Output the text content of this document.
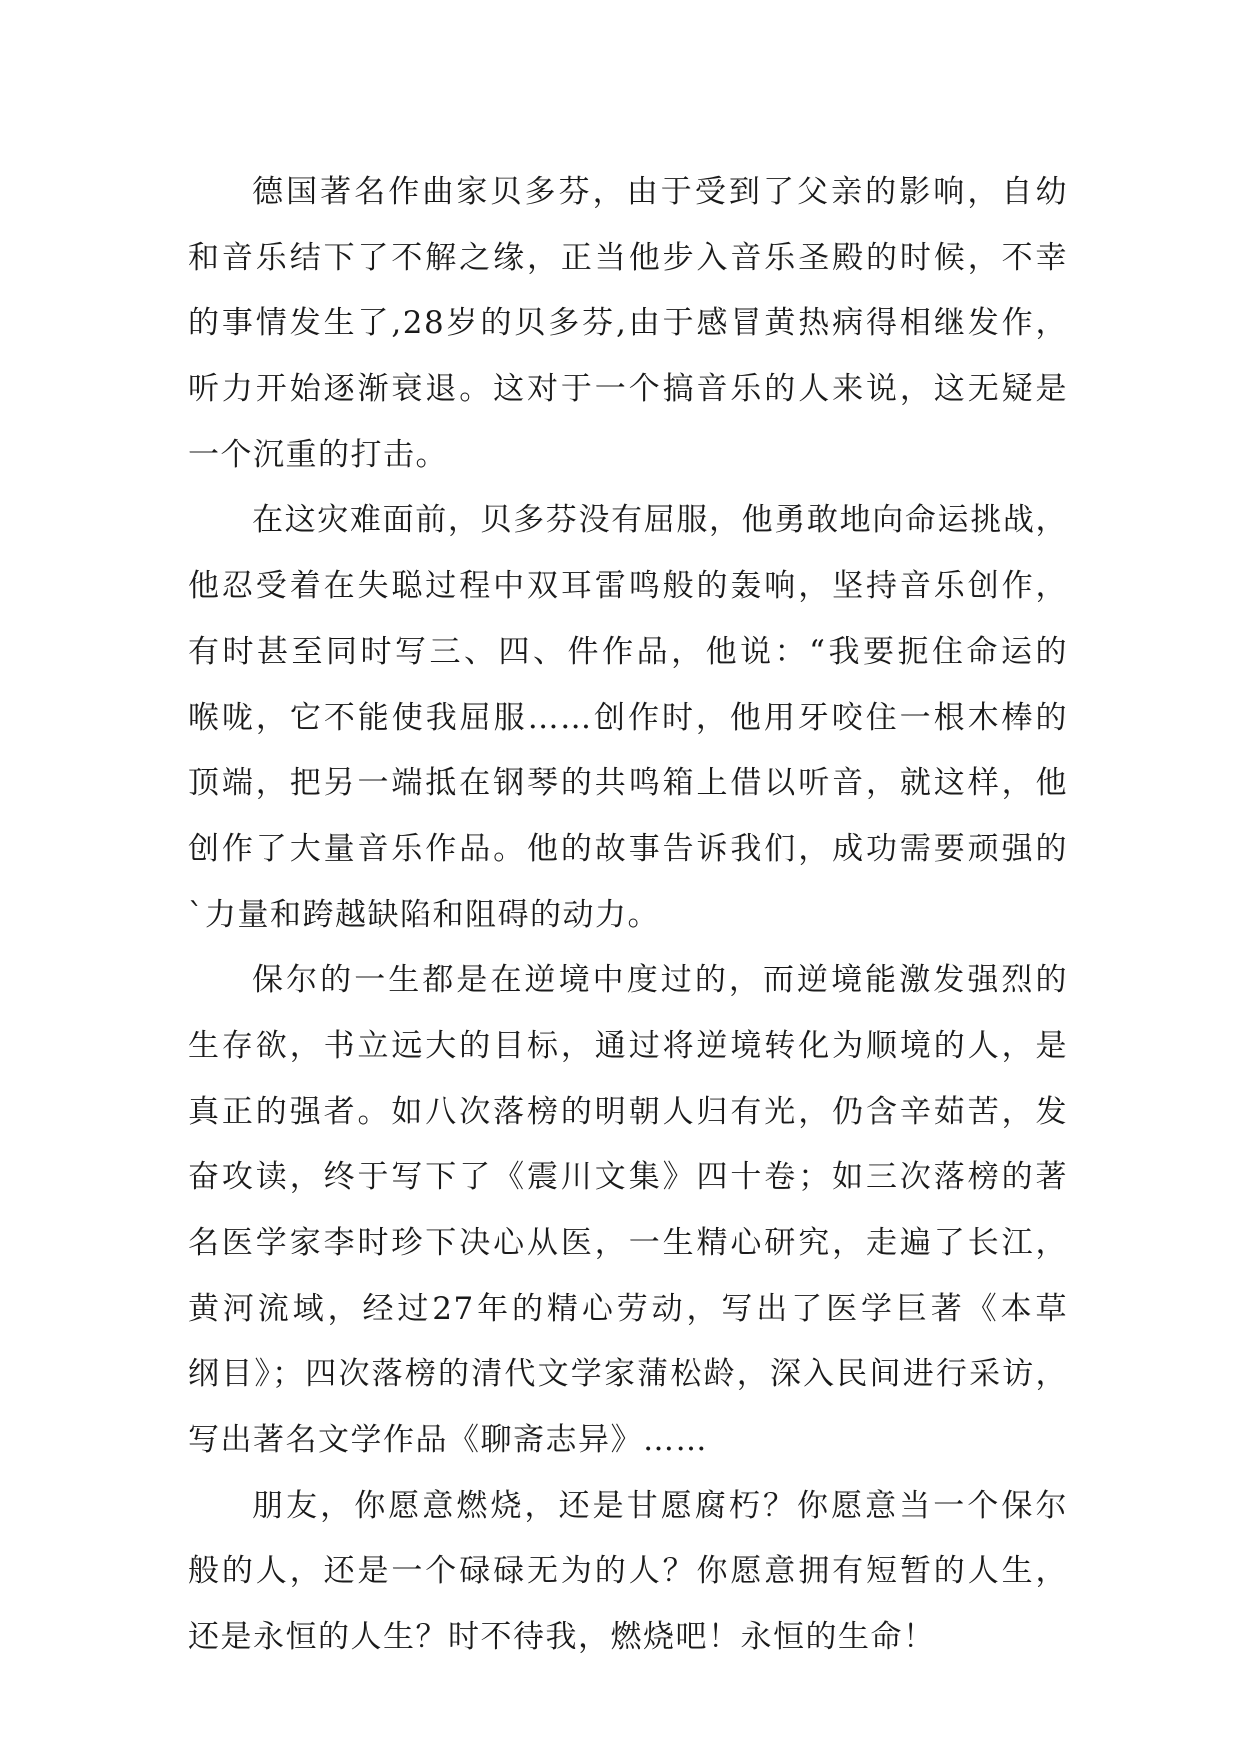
德国著名作曲家贝多芬，由于受到了父亲的影响，自幼
和音乐结下了不解之缘，正当他步入音乐圣殿的时候，不幸
的事情发生了,28岁的贝多芬,由于感冒黄热病得相继发作，
听力开始逐渐衰退。这对于一个搞音乐的人来说，这无疑是
一个沉重的打击。
在这灾难面前，贝多芬没有屈服，他勇敢地向命运挑战，
他忍受着在失聪过程中双耳雷鸣般的轰响，坚持音乐创作，
有时甚至同时写三、四、件作品，他说：“我要扼住命运的
喉咙，它不能使我屈服……创作时，他用牙咬住一根木棒的
顶端，把另一端抵在钢琴的共鸣箱上借以听音，就这样，他
创作了大量音乐作品。他的故事告诉我们，成功需要顽强的
`力量和跨越缺陷和阻碍的动力。
保尔的一生都是在逆境中度过的，而逆境能激发强烈的
生存欲，书立远大的目标，通过将逆境转化为顺境的人，是
真正的强者。如八次落榜的明朝人归有光，仍含辛茹苦，发
奋攻读，终于写下了《震川文集》四十卷；如三次落榜的著
名医学家李时珍下决心从医，一生精心研究，走遍了长江，
黄河流域，经过27年的精心劳动，写出了医学巨著《本草
纲目》；四次落榜的清代文学家蒲松龄，深入民间进行采访，
写出著名文学作品《聊斋志异》……
朋友，你愿意燃烧，还是甘愿腐朽？你愿意当一个保尔
般的人，还是一个碌碌无为的人？你愿意拥有短暂的人生，
还是永恒的人生？时不待我，燃烧吧！永恒的生命！
